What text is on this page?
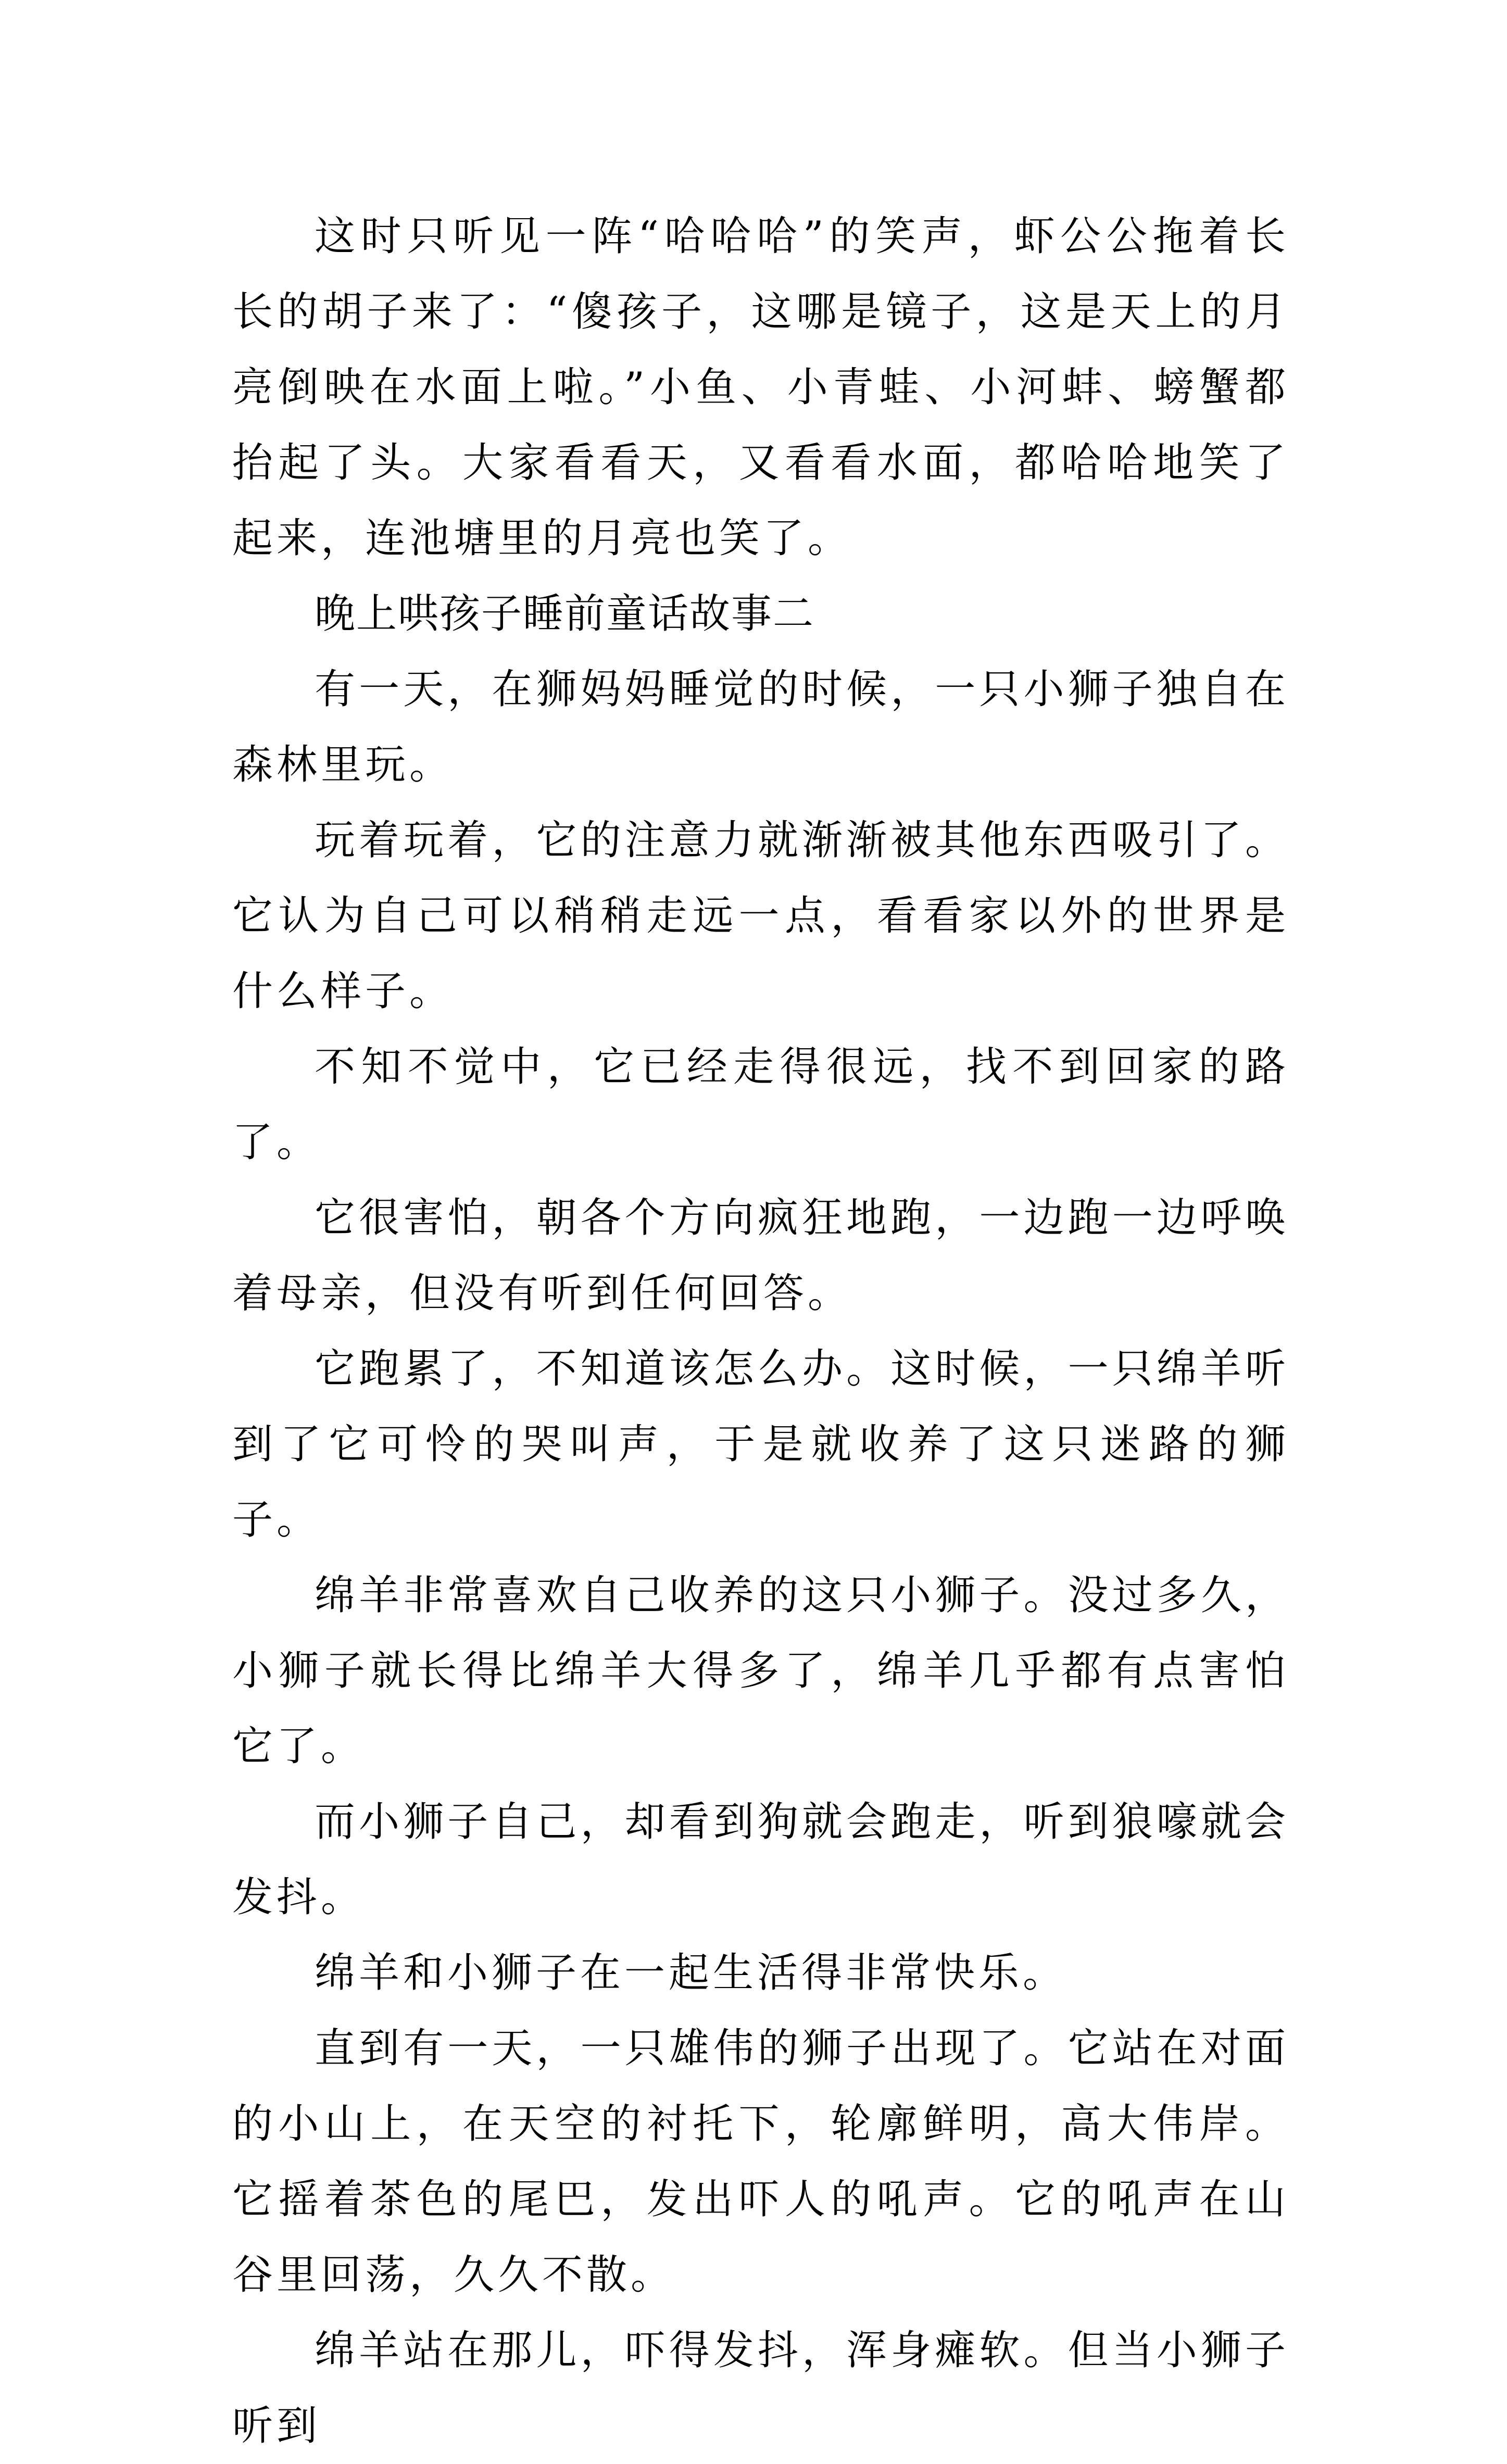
这时只听见一阵“哈哈哈”的笑声，虾公公拖着长长的胡子来了：“傻孩子，这哪是镜子，这是天上的月亮倒映在水面上啦。”小鱼、小青蛙、小河蚌、螃蟹都抬起了头。大家看看天，又看看水面，都哈哈地笑了起来，连池塘里的月亮也笑了。

晚上哄孩子睡前童话故事二

有一天，在狮妈妈睡觉的时候，一只小狮子独自在森林里玩。

玩着玩着，它的注意力就渐渐被其他东西吸引了。它认为自己可以稍稍走远一点，看看家以外的世界是什么样子。

不知不觉中，它已经走得很远，找不到回家的路了。

它很害怕，朝各个方向疯狂地跑，一边跑一边呼唤着母亲，但没有听到任何回答。

它跑累了，不知道该怎么办。这时候，一只绵羊听到了它可怜的哭叫声，于是就收养了这只迷路的狮子。

绵羊非常喜欢自己收养的这只小狮子。没过多久，小狮子就长得比绵羊大得多了，绵羊几乎都有点害怕它了。

而小狮子自己，却看到狗就会跑走，听到狼嚎就会发抖。

绵羊和小狮子在一起生活得非常快乐。

直到有一天，一只雄伟的狮子出现了。它站在对面的小山上，在天空的衬托下，轮廓鲜明，高大伟岸。它摇着茶色的尾巴，发出吓人的吼声。它的吼声在山谷里回荡，久久不散。

绵羊站在那儿，吓得发抖，浑身瘫软。但当小狮子听到
